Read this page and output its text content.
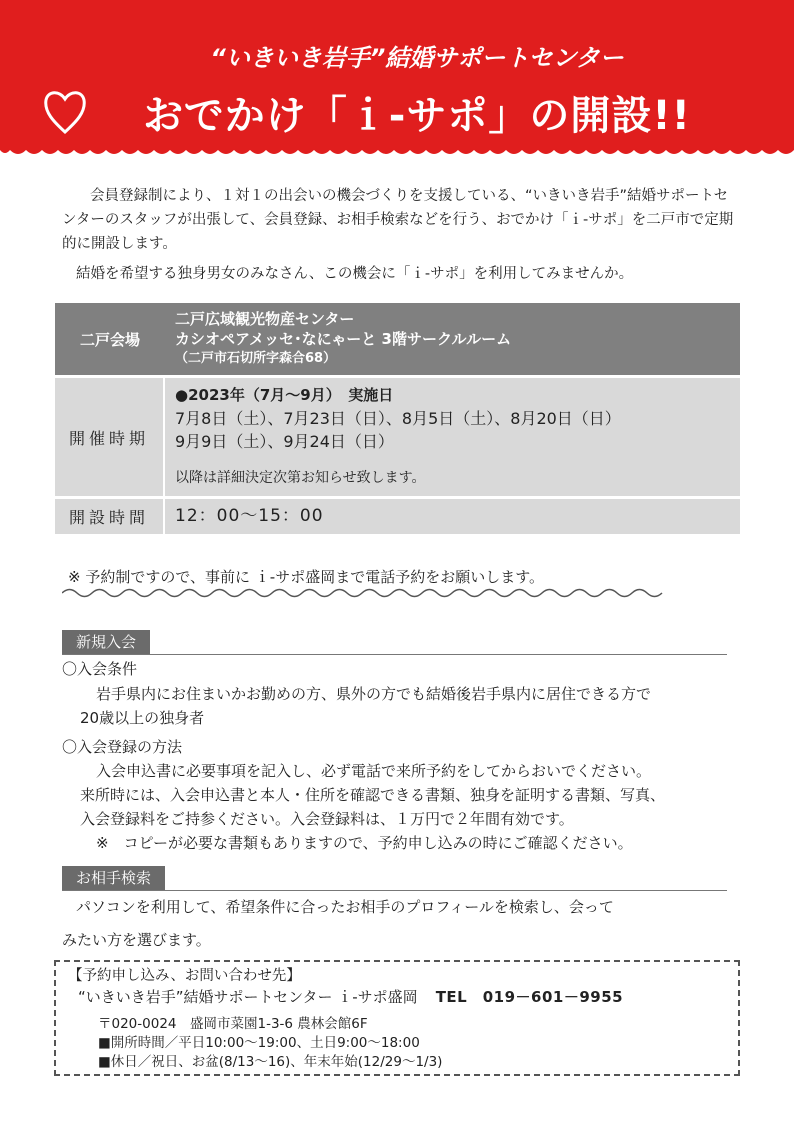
“いきいき岩手”結婚サポートセンター
おでかけ「ｉ-サポ」の開設!!

会員登録制により、１対１の出会いの機会づくりを支援している、“いきいき岩手”結婚サポートセンターのスタッフが出張して、会員登録、お相手検索などを行う、おでかけ「ｉ-サポ」を二戸市で定期的に開設します。

結婚を希望する独身男女のみなさん、この機会に「ｉ-サポ」を利用してみませんか。

二戸会場	二戸広域観光物産センター
カシオペアメッセ･なにゃーと 3階サークルルーム
（二戸市石切所字森合68）

開催時期	●2023年（7月～9月）　実施日
7月8日（土）、7月23日（日）、8月5日（土）、8月20日（日）
9月9日（土）、9月24日（日）
以降は詳細決定次第お知らせ致します。

開設時間	12：00～15：00
※ 予約制ですので、事前に ｉ-サポ盛岡まで電話予約をお願いします。
新規入会
〇入会条件
岩手県内にお住まいかお勤めの方、県外の方でも結婚後岩手県内に居住できる方で
20歳以上の独身者
〇入会登録の方法
入会申込書に必要事項を記入し、必ず電話で来所予約をしてからおいでください。
来所時には、入会申込書と本人・住所を確認できる書類、独身を証明する書類、写真、
入会登録料をご持参ください。入会登録料は、１万円で２年間有効です。
※　コピーが必要な書類もありますので、予約申し込みの時にご確認ください。
お相手検索
パソコンを利用して、希望条件に合ったお相手のプロフィールを検索し、会って
みたい方を選びます。
【予約申し込み、お問い合わせ先】
“いきいき岩手”結婚サポートセンター ｉ-サポ盛岡 TEL　019－601－9955
〒020-0024　盛岡市菜園1-3-6 農林会館6F
■開所時間／平日10:00～19:00、土日9:00～18:00
■休日／祝日、お盆(8/13～16)、年末年始(12/29～1/3)
